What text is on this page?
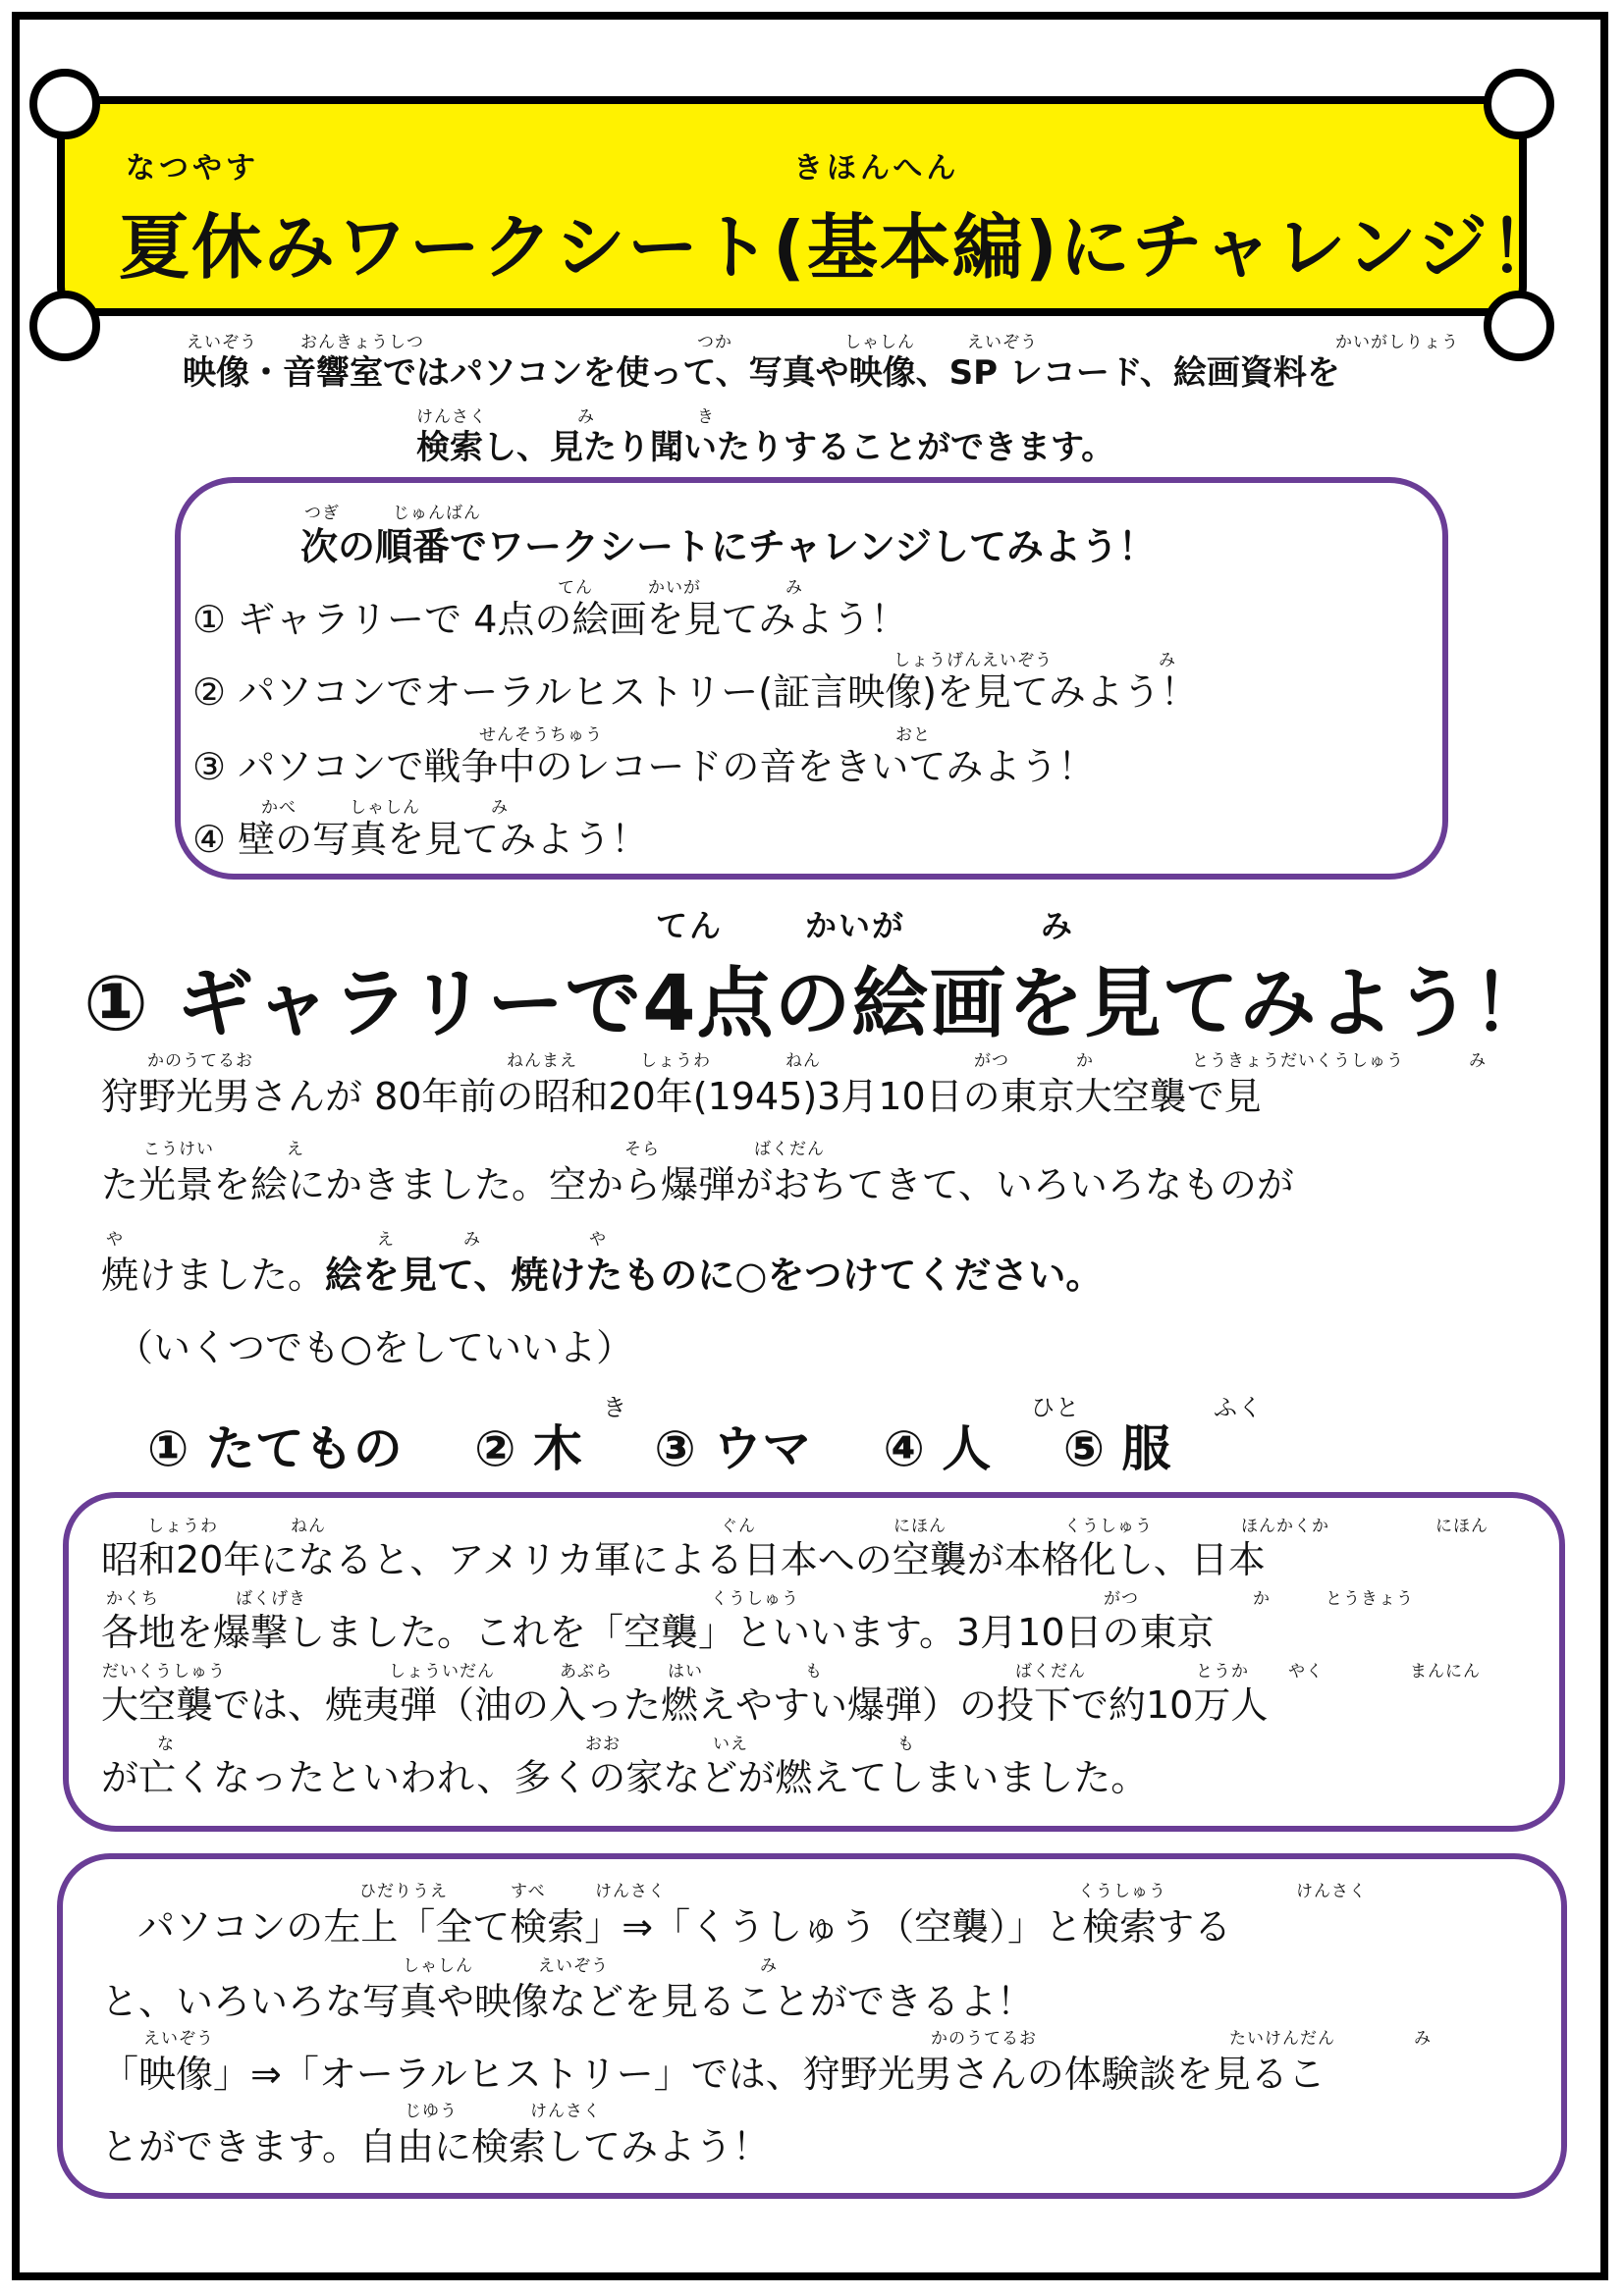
なつやす	きほんへん
夏休みワークシート(基本編)にチャレンジ！
えいぞう	おんきょうしつ	つか	しゃしん	えいぞう	かいがしりょう
映像・音響室ではパソコンを使って、写真や映像、SP レコード、絵画資料を
けんさく	み	き
検索し、見たり聞いたりすることができます。
つぎ	じゅんばん
次の順番でワークシートにチャレンジしてみよう！
てん	かいが	み
① ギャラリーで 4点の絵画を見てみよう！
しょうげんえいぞう	み
② パソコンでオーラルヒストリー(証言映像)を見てみよう！
せんそうちゅう	おと
③ パソコンで戦争中のレコードの音をきいてみよう！
かべ	しゃしん	み
④ 壁の写真を見てみよう！
てん	かいが	み
① ギャラリーで4点の絵画を見てみよう！
かのうてるお	ねんまえ	しょうわ	ねん	がつ	か	とうきょうだいくうしゅう	み
狩野光男さんが 80年前の昭和20年(1945)3月10日の東京大空襲で見
こうけい	え	そら	ばくだん
た光景を絵にかきました。空から爆弾がおちてきて、いろいろなものが
や	え	み	や
焼けました。絵を見て、焼けたものに○をつけてください。
（いくつでも○をしていいよ）
き	ひと	ふく
① たてもの ② 木 ③ ウマ ④ 人 ⑤ 服
しょうわ	ねん	ぐん	にほん	くうしゅう	ほんかくか	にほん
昭和20年になると、アメリカ軍による日本への空襲が本格化し、日本
かくち	ばくげき	くうしゅう	がつ	か	とうきょう
各地を爆撃しました。これを「空襲」といいます。3月10日の東京
だいくうしゅう	しょういだん	あぶら	はい	も	ばくだん	とうか やく	まんにん
大空襲では、焼夷弾（油の入った燃えやすい爆弾）の投下で約10万人
な	おお	いえ	も
が亡くなったといわれ、多くの家などが燃えてしまいました。
ひだりうえ	すべ	けんさく	くうしゅう	けんさく
パソコンの左上「全て検索」⇒「くうしゅう（空襲）」と検索する
しゃしん	えいぞう	み
と、いろいろな写真や映像などを見ることができるよ！
えいぞう	かのうてるお	たいけんだん	み
「映像」⇒「オーラルヒストリー」では、狩野光男さんの体験談を見るこ
じゆう	けんさく
とができます。自由に検索してみよう！
